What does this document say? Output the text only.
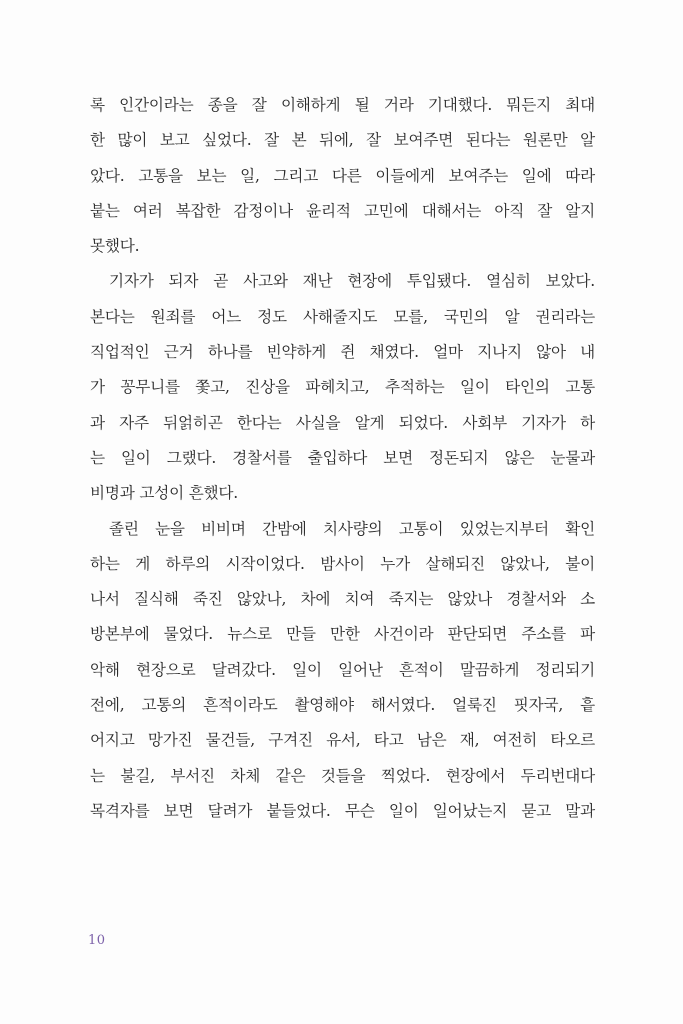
록 인간이라는 종을 잘 이해하게 될 거라 기대했다. 뭐든지 최대
한 많이 보고 싶었다. 잘 본 뒤에, 잘 보여주면 된다는 원론만 알
았다. 고통을 보는 일, 그리고 다른 이들에게 보여주는 일에 따라
붙는 여러 복잡한 감정이나 윤리적 고민에 대해서는 아직 잘 알지
못했다.
기자가 되자 곧 사고와 재난 현장에 투입됐다. 열심히 보았다.
본다는 원죄를 어느 정도 사해줄지도 모를, 국민의 알 권리라는
직업적인 근거 하나를 빈약하게 쥔 채였다. 얼마 지나지 않아 내
가 꽁무니를 쫓고, 진상을 파헤치고, 추적하는 일이 타인의 고통
과 자주 뒤얽히곤 한다는 사실을 알게 되었다. 사회부 기자가 하
는 일이 그랬다. 경찰서를 출입하다 보면 정돈되지 않은 눈물과
비명과 고성이 흔했다.
졸린 눈을 비비며 간밤에 치사량의 고통이 있었는지부터 확인
하는 게 하루의 시작이었다. 밤사이 누가 살해되진 않았나, 불이
나서 질식해 죽진 않았나, 차에 치여 죽지는 않았나 경찰서와 소
방본부에 물었다. 뉴스로 만들 만한 사건이라 판단되면 주소를 파
악해 현장으로 달려갔다. 일이 일어난 흔적이 말끔하게 정리되기
전에, 고통의 흔적이라도 촬영해야 해서였다. 얼룩진 핏자국, 흩
어지고 망가진 물건들, 구겨진 유서, 타고 남은 재, 여전히 타오르
는 불길, 부서진 차체 같은 것들을 찍었다. 현장에서 두리번대다
목격자를 보면 달려가 붙들었다. 무슨 일이 일어났는지 묻고 말과
10
